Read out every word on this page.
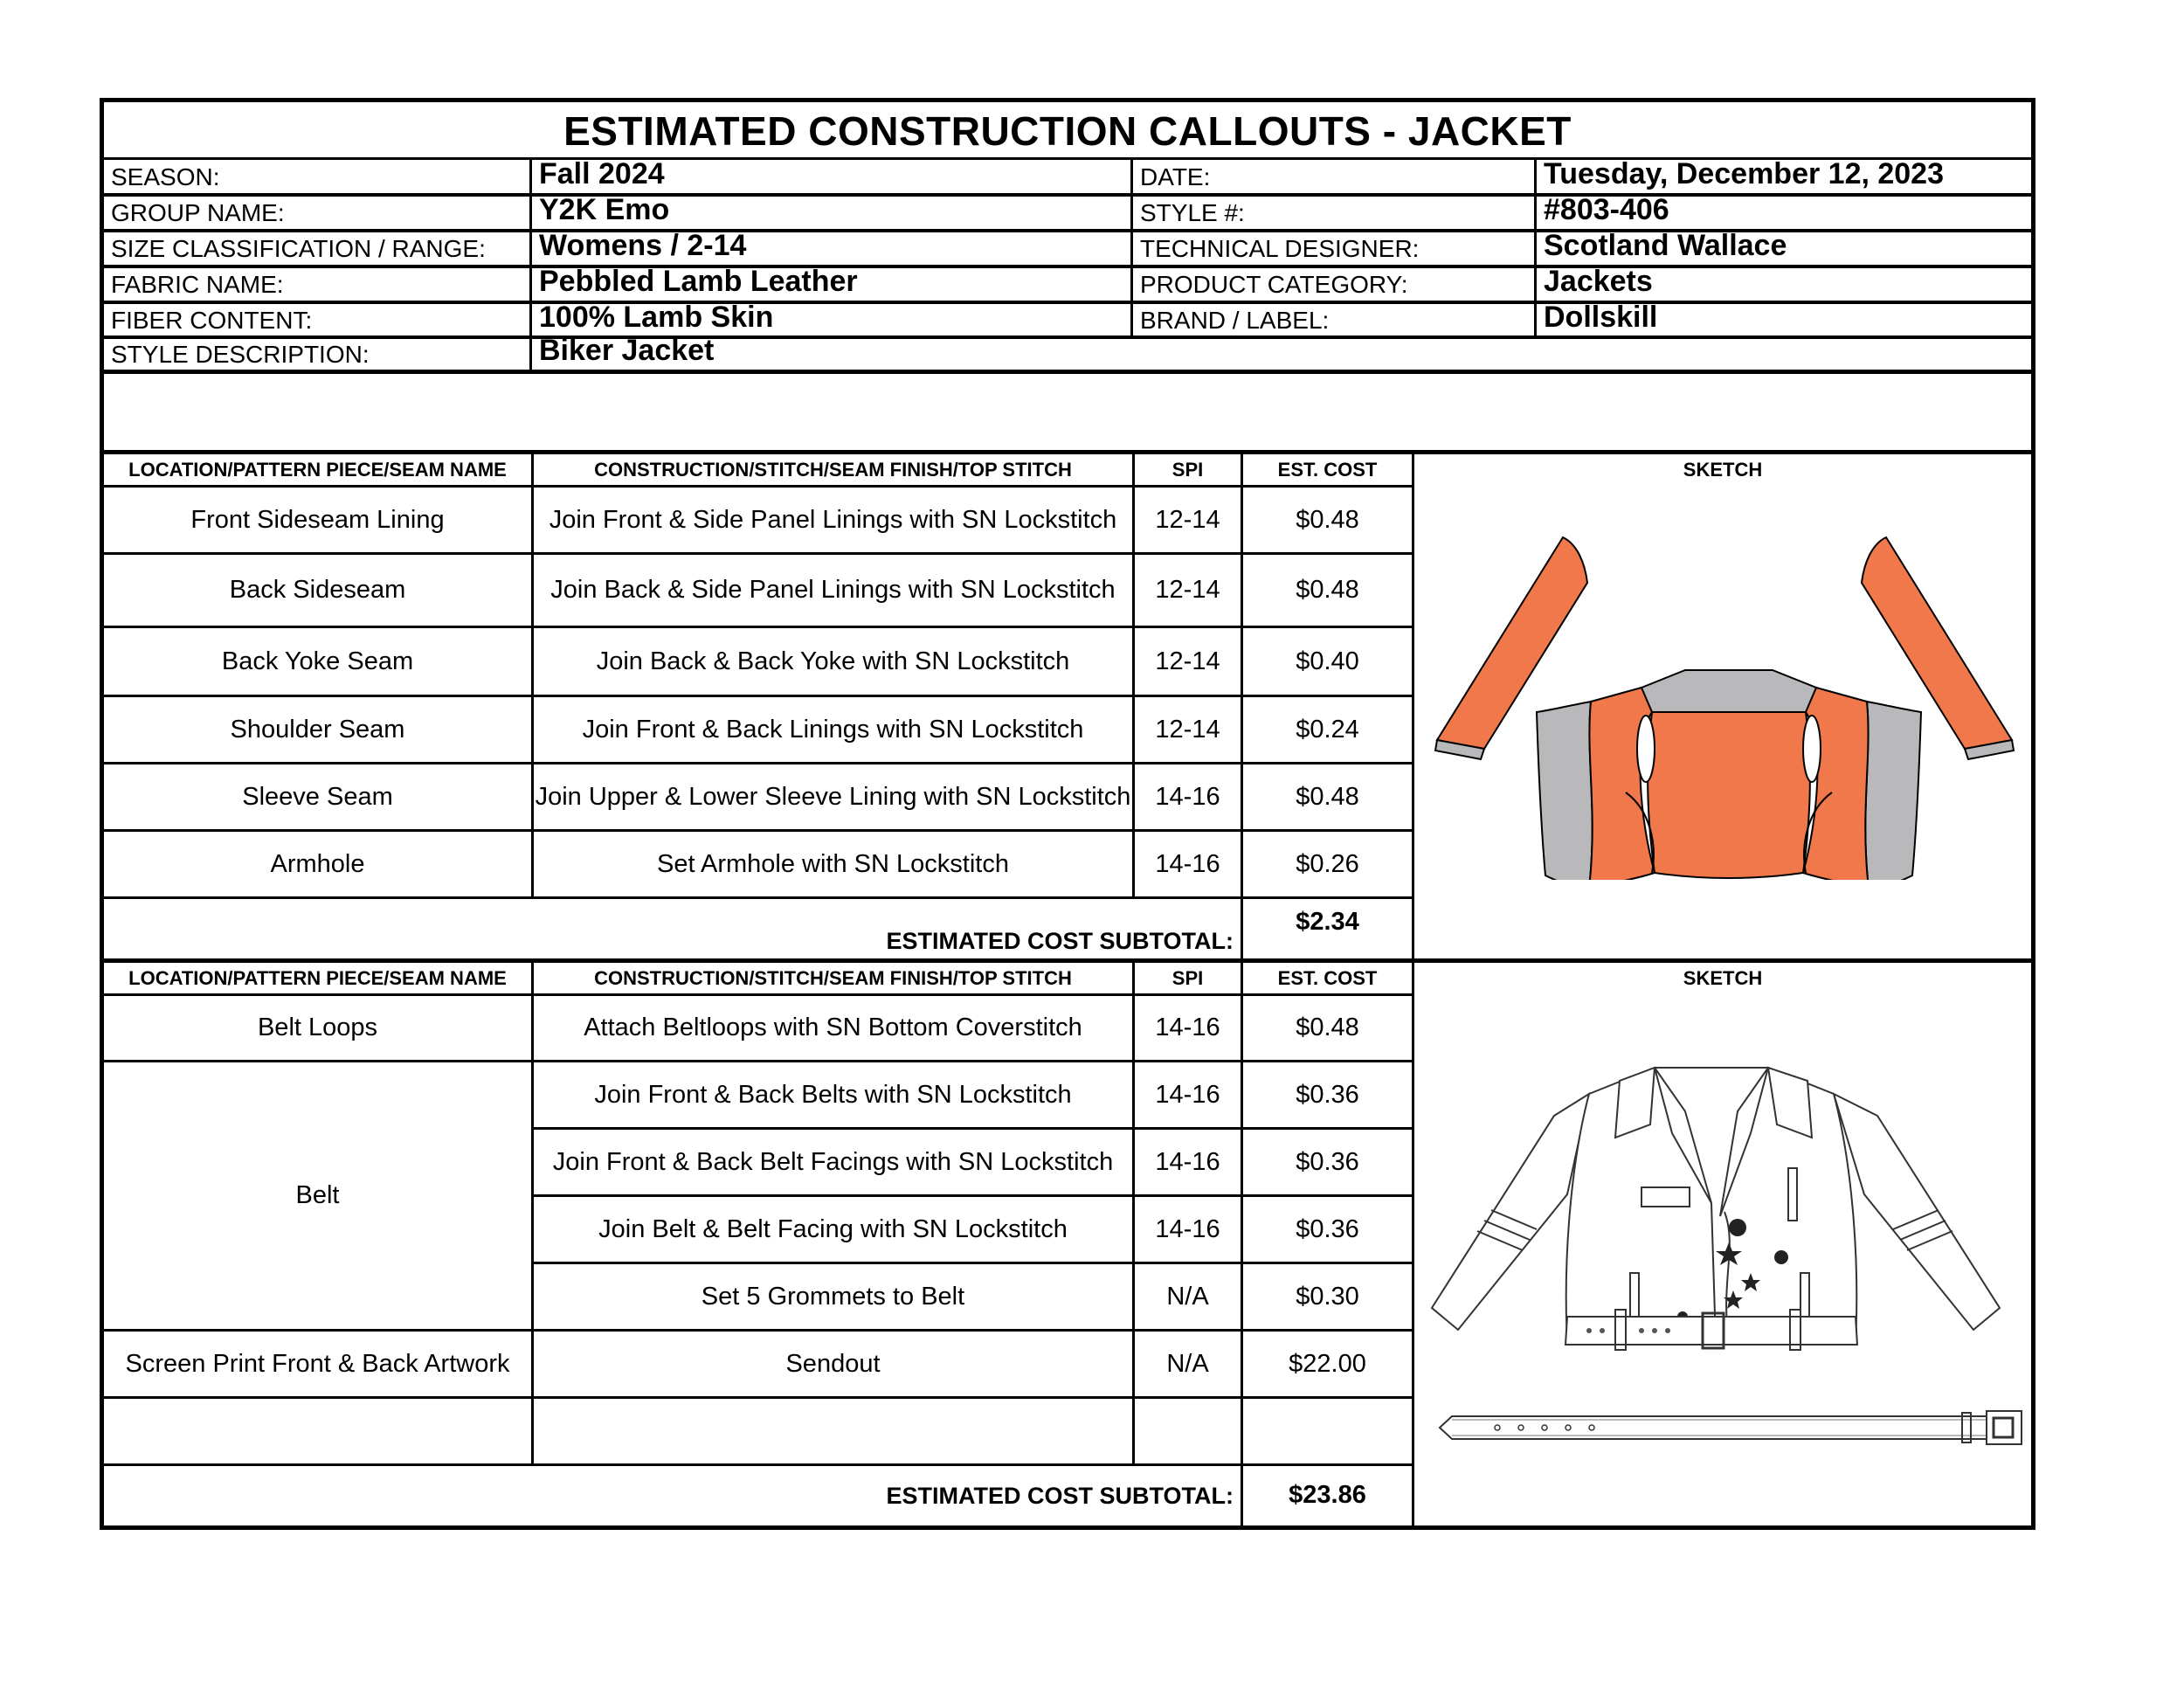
ESTIMATED CONSTRUCTION CALLOUTS - JACKET
SEASON:	Fall 2024	DATE:	Tuesday, December 12, 2023
GROUP NAME:	Y2K Emo	STYLE #:	#803-406
SIZE CLASSIFICATION / RANGE:	Womens / 2-14	TECHNICAL DESIGNER:	Scotland Wallace
FABRIC NAME:	Pebbled Lamb Leather	PRODUCT CATEGORY:	Jackets
FIBER CONTENT:	100% Lamb Skin	BRAND / LABEL:	Dollskill
STYLE DESCRIPTION:	Biker Jacket
LOCATION/PATTERN PIECE/SEAM NAME	CONSTRUCTION/STITCH/SEAM FINISH/TOP STITCH	SPI	EST. COST	SKETCH
Front Sideseam Lining	Join Front & Side Panel Linings with SN Lockstitch	12-14	$0.48
Back Sideseam	Join Back & Side Panel Linings with SN Lockstitch	12-14	$0.48
Back Yoke Seam	Join Back & Back Yoke with SN Lockstitch	12-14	$0.40
Shoulder Seam	Join Front & Back Linings with SN Lockstitch	12-14	$0.24
Sleeve Seam	Join Upper & Lower Sleeve Lining with SN Lockstitch 14-16	$0.48
Armhole	Set Armhole with SN Lockstitch	14-16	$0.26
ESTIMATED COST SUBTOTAL:
$2.34
LOCATION/PATTERN PIECE/SEAM NAME	CONSTRUCTION/STITCH/SEAM FINISH/TOP STITCH	SPI	EST. COST	SKETCH
Belt Loops	Attach Beltloops with SN Bottom Coverstitch	14-16	$0.48
Belt
Join Front & Back Belts with SN Lockstitch	14-16	$0.36
Join Front & Back Belt Facings with SN Lockstitch	14-16	$0.36
Join Belt & Belt Facing with SN Lockstitch	14-16	$0.36
Set 5 Grommets to Belt	N/A	$0.30
Screen Print Front & Back Artwork	Sendout	N/A	$22.00
ESTIMATED COST SUBTOTAL:	$23.86
